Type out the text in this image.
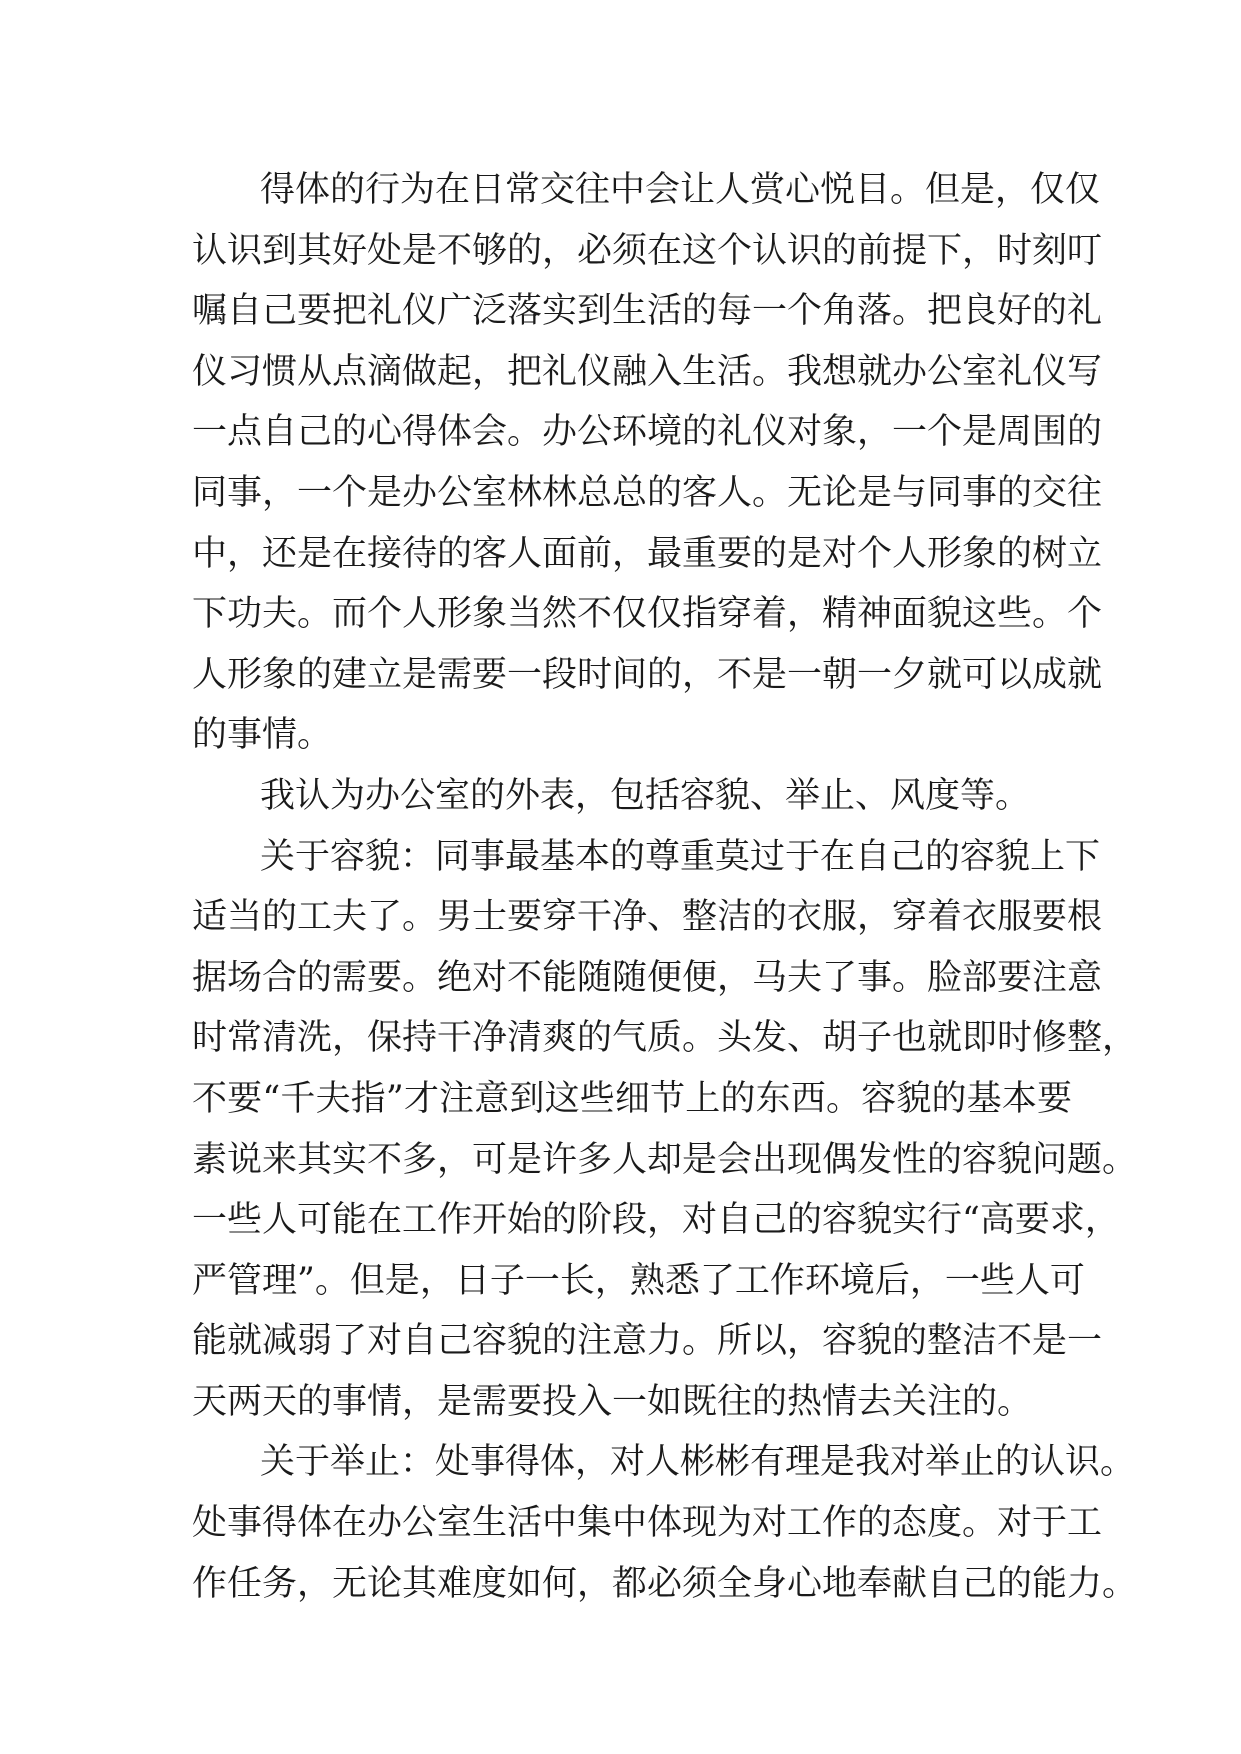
得体的行为在日常交往中会让人赏心悦目。但是，仅仅
认识到其好处是不够的，必须在这个认识的前提下，时刻叮
嘱自己要把礼仪广泛落实到生活的每一个角落。把良好的礼
仪习惯从点滴做起，把礼仪融入生活。我想就办公室礼仪写
一点自己的心得体会。办公环境的礼仪对象，一个是周围的
同事，一个是办公室林林总总的客人。无论是与同事的交往
中，还是在接待的客人面前，最重要的是对个人形象的树立
下功夫。而个人形象当然不仅仅指穿着，精神面貌这些。个
人形象的建立是需要一段时间的，不是一朝一夕就可以成就
的事情。
我认为办公室的外表，包括容貌、举止、风度等。
关于容貌：同事最基本的尊重莫过于在自己的容貌上下
适当的工夫了。男士要穿干净、整洁的衣服，穿着衣服要根
据场合的需要。绝对不能随随便便，马夫了事。脸部要注意
时常清洗，保持干净清爽的气质。头发、胡子也就即时修整，
不要“千夫指”才注意到这些细节上的东西。容貌的基本要
素说来其实不多，可是许多人却是会出现偶发性的容貌问题。
一些人可能在工作开始的阶段，对自己的容貌实行“高要求，
严管理”。但是，日子一长，熟悉了工作环境后，一些人可
能就减弱了对自己容貌的注意力。所以，容貌的整洁不是一
天两天的事情，是需要投入一如既往的热情去关注的。
关于举止：处事得体，对人彬彬有理是我对举止的认识。
处事得体在办公室生活中集中体现为对工作的态度。对于工
作任务，无论其难度如何，都必须全身心地奉献自己的能力。
